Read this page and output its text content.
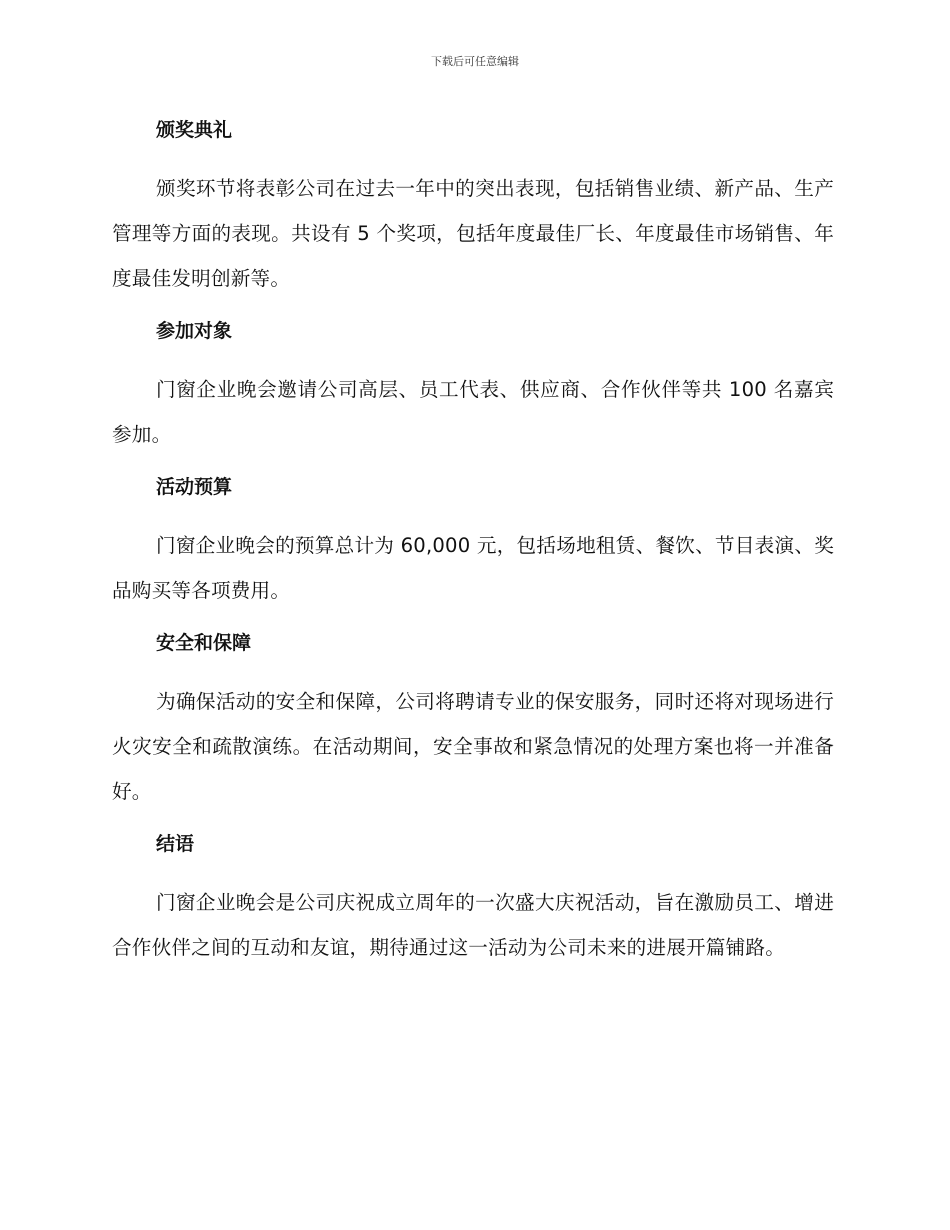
下载后可任意编辑
颁奖典礼

颁奖环节将表彰公司在过去一年中的突出表现，包括销售业绩、新产品、生产管理等方面的表现。共设有 5 个奖项，包括年度最佳厂长、年度最佳市场销售、年度最佳发明创新等。

参加对象

门窗企业晚会邀请公司高层、员工代表、供应商、合作伙伴等共 100 名嘉宾参加。

活动预算

门窗企业晚会的预算总计为 60,000 元，包括场地租赁、餐饮、节目表演、奖品购买等各项费用。

安全和保障

为确保活动的安全和保障，公司将聘请专业的保安服务，同时还将对现场进行火灾安全和疏散演练。在活动期间，安全事故和紧急情况的处理方案也将一并准备好。

结语

门窗企业晚会是公司庆祝成立周年的一次盛大庆祝活动，旨在激励员工、增进合作伙伴之间的互动和友谊，期待通过这一活动为公司未来的进展开篇铺路。
